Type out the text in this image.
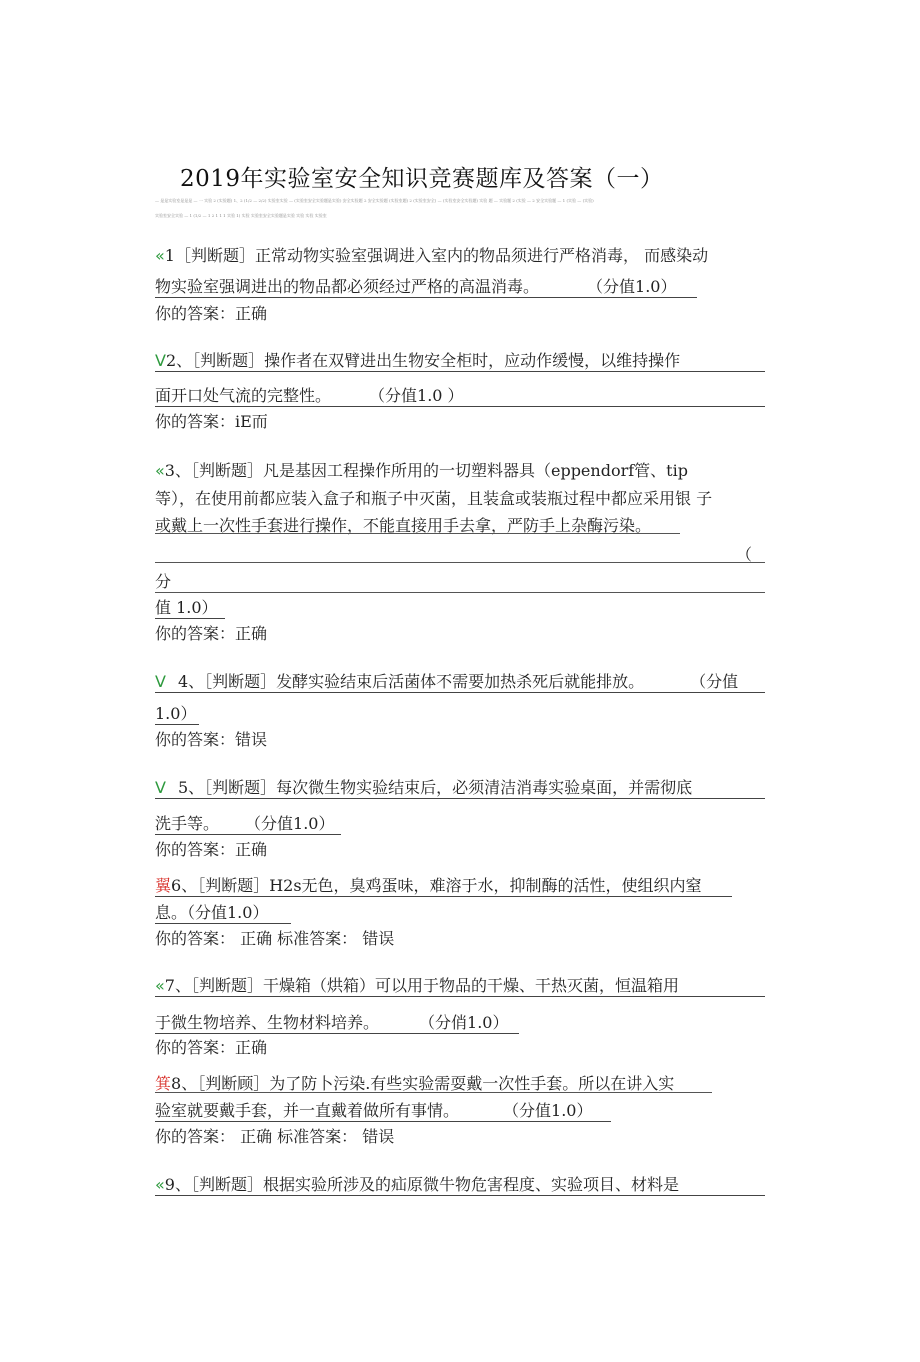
2019年实验室安全知识竞赛题库及答案（一）
— 是是实验室是是是 — 一 实验 2 (实验题) 1、2 (1/2 — 2/2) 实验室实验 — (实验室安全实验题是实验) 安全实验题 2 安全实验题 (实验室题) 2 (实验室安全) — (实验室安全实验题) 实验 题 — 实验题 2 (实验 — 2 安全实验题 — 1 (实验 — (实验)
实验室安全实验 — 1 (1/2 — 1 2 1 1 1 实验 1) 实验 实验室安全实验题是实验 实验 实验 实验室
«1［判断题］正常动物实验室强调进入室内的物品须进行严格消毒， 而感染动
物实验室强调进出的物品都必须经过严格的高温消毒。	（分值1.0）
你的答案：正确
V2、［判断题］操作者在双臂进出生物安全柜时，应动作缓慢，以维持操作
面开口处气流的完整性。 （分值1.0 ）
你的答案：iE而
«3、［判断题］凡是基因工程操作所用的一切塑料器具（eppendorf管、tip
等），在使用前都应装入盒子和瓶子中灭菌，且装盒或装瓶过程中都应采用银 子
或戴上一次性手套进行操作，不能直接用手去拿，严防手上杂酶污染。
（
分
值 1.0）
你的答案：正确
V 4、［判断题］发酵实验结束后活菌体不需要加热杀死后就能排放。	（分值
1.0）
你的答案：错误
V 5、［判断题］每次微生物实验结束后，必须清洁消毒实验桌面，并需彻底
洗手等。 （分值1.0）
你的答案：正确
翼6、［判断题］H2s无色，臭鸡蛋味，难溶于水，抑制酶的活性，使组织内窒
息。（分值1.0）
你的答案： 正确 标准答案： 错误
«7、［判断题］干燥箱（烘箱）可以用于物品的干燥、干热灭菌，恒温箱用
于微生物培养、生物材料培养。	（分俏1.0）
你的答案：正确
箕8、［判断顾］为了防卜污染.有些实验需耍戴一次性手套。所以在讲入实
验室就要戴手套，并一直戴着做所有事情。	（分值1.0）
你的答案： 正确 标准答案： 错误
«9、［判断题］根据实验所涉及的疝原微牛物危害程度、实验项目、材料是
